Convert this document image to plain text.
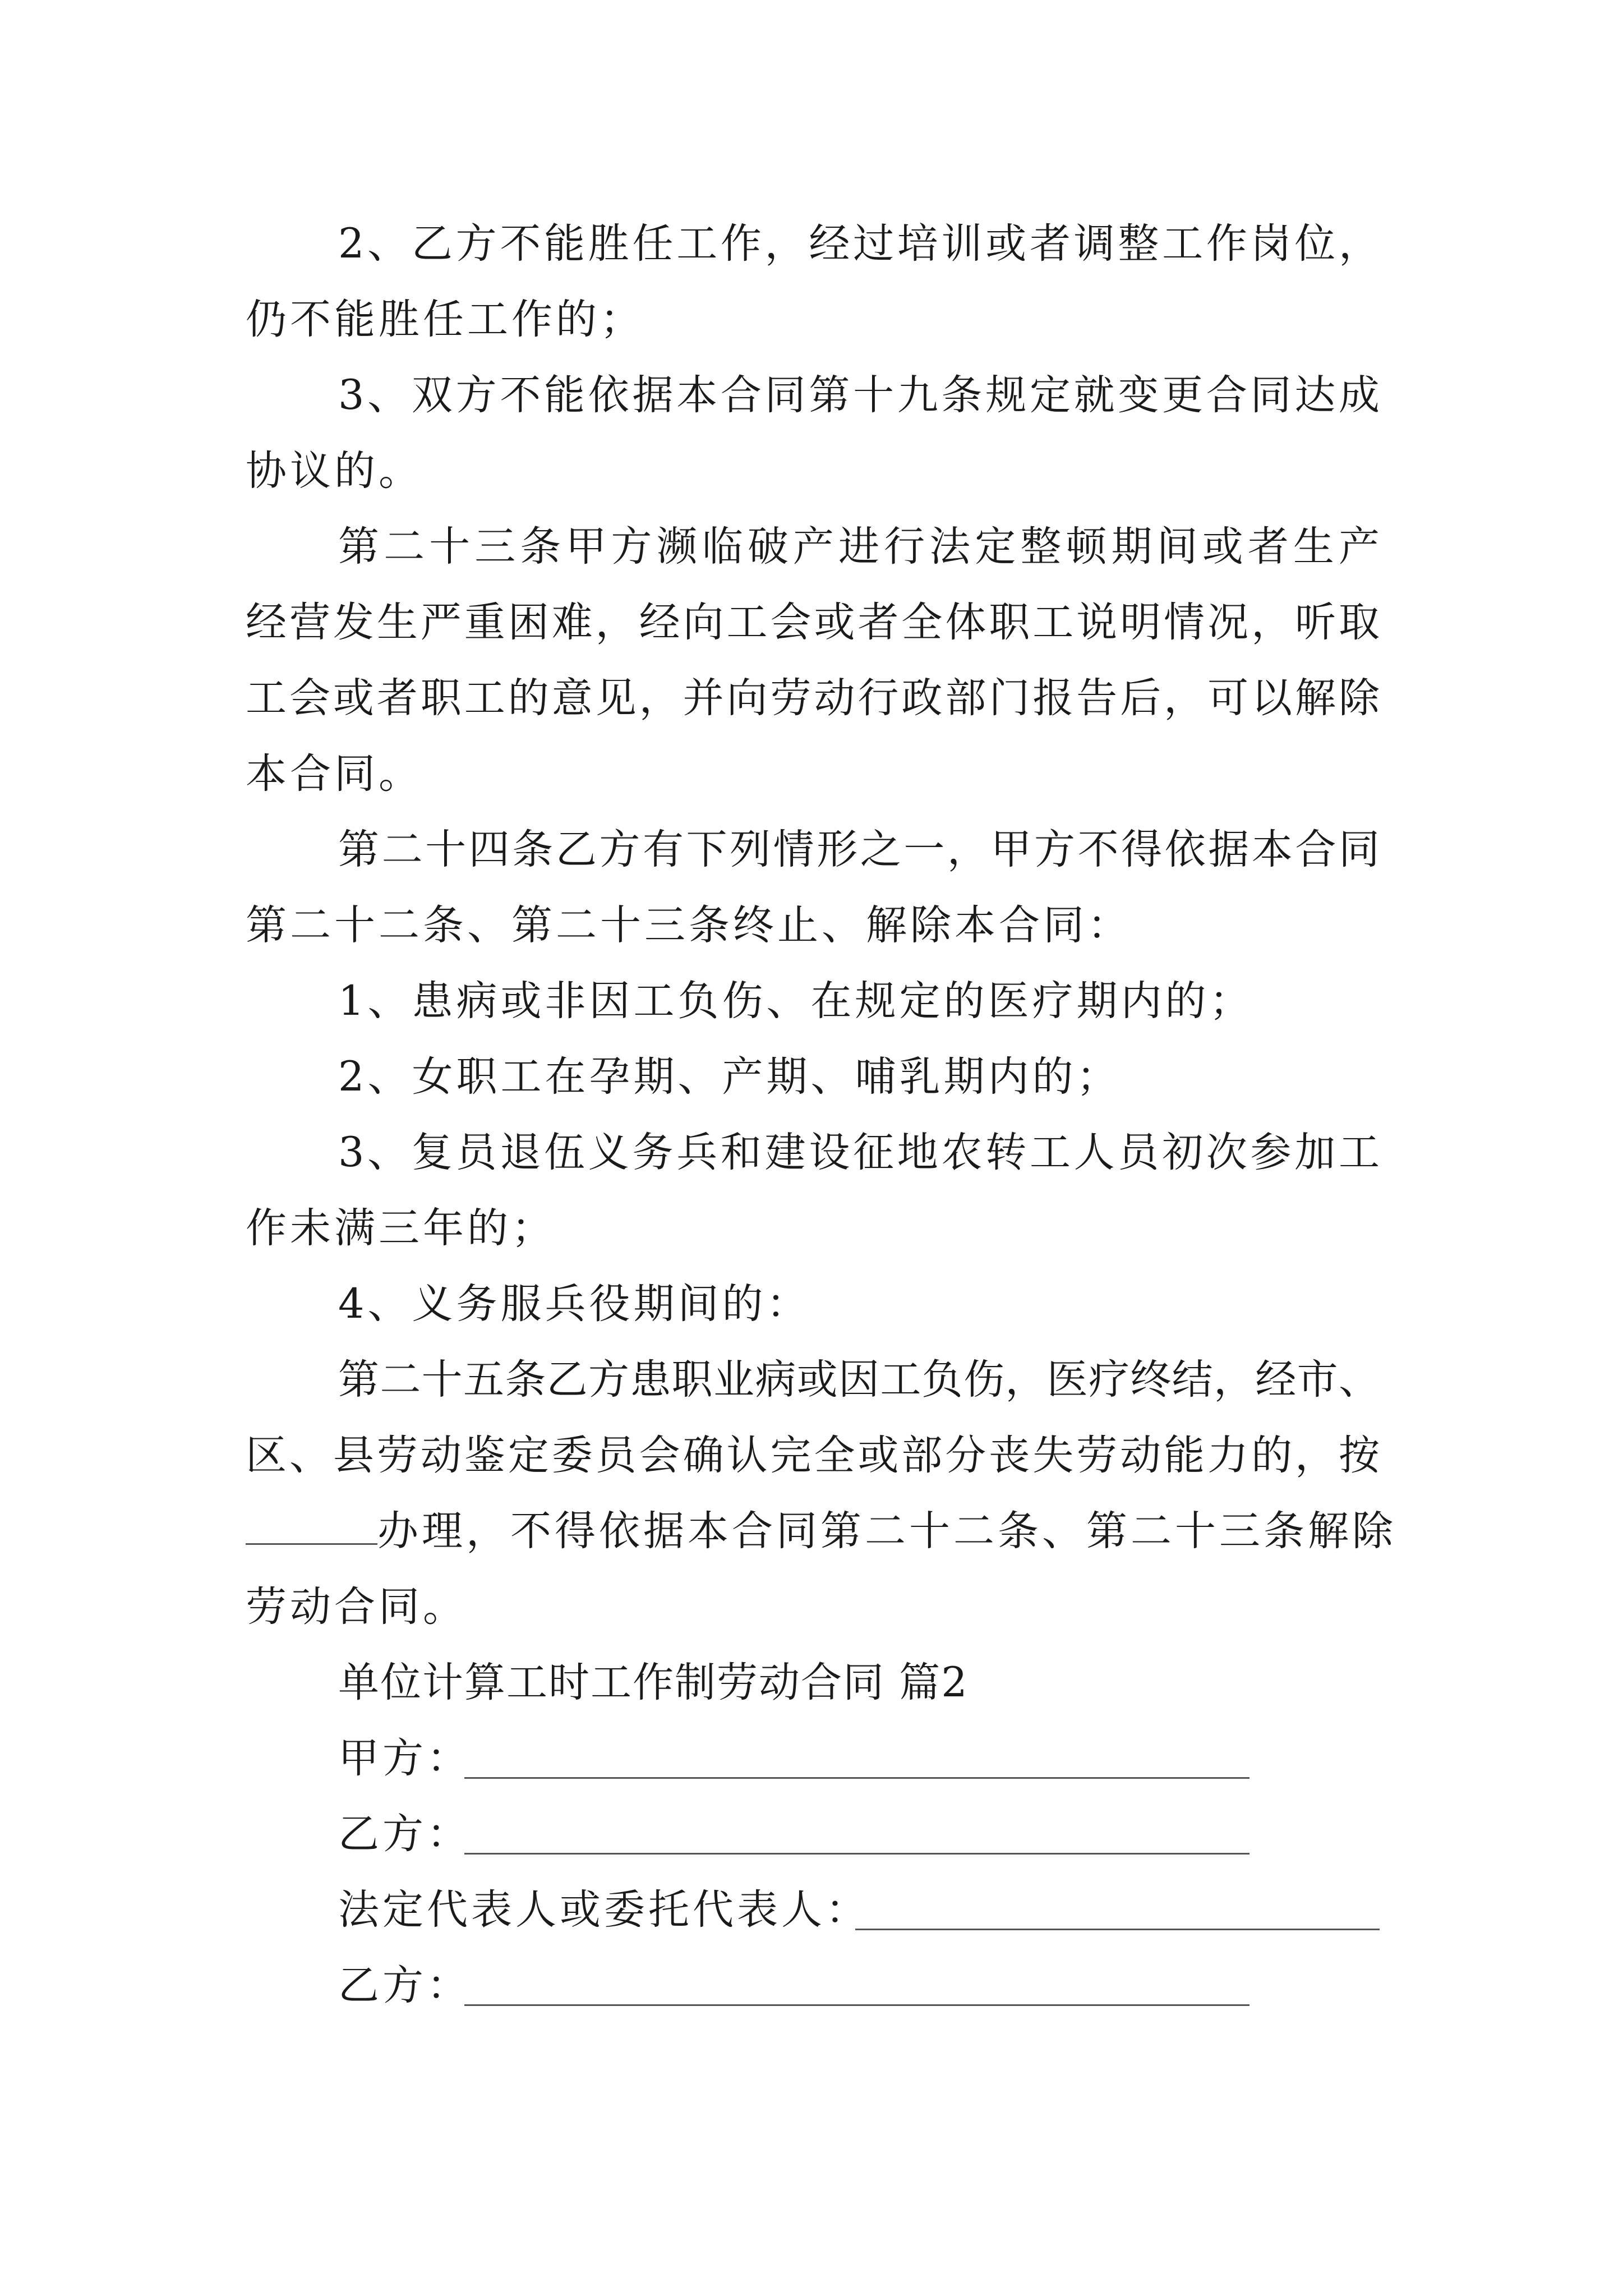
2、乙方不能胜任工作，经过培训或者调整工作岗位，
仍不能胜任工作的；
3、双方不能依据本合同第十九条规定就变更合同达成
协议的。
第二十三条甲方濒临破产进行法定整顿期间或者生产
经营发生严重困难，经向工会或者全体职工说明情况，听取
工会或者职工的意见，并向劳动行政部门报告后，可以解除
本合同。
第二十四条乙方有下列情形之一，甲方不得依据本合同
第二十二条、第二十三条终止、解除本合同：
1、患病或非因工负伤、在规定的医疗期内的；
2、女职工在孕期、产期、哺乳期内的；
3、复员退伍义务兵和建设征地农转工人员初次参加工
作未满三年的；
4、义务服兵役期间的：
第二十五条乙方患职业病或因工负伤，医疗终结，经市、
区、县劳动鉴定委员会确认完全或部分丧失劳动能力的，按
办理，不得依据本合同第二十二条、第二十三条解除
劳动合同。
单位计算工时工作制劳动合同 篇2
甲方：
乙方：
法定代表人或委托代表人：
乙方：
